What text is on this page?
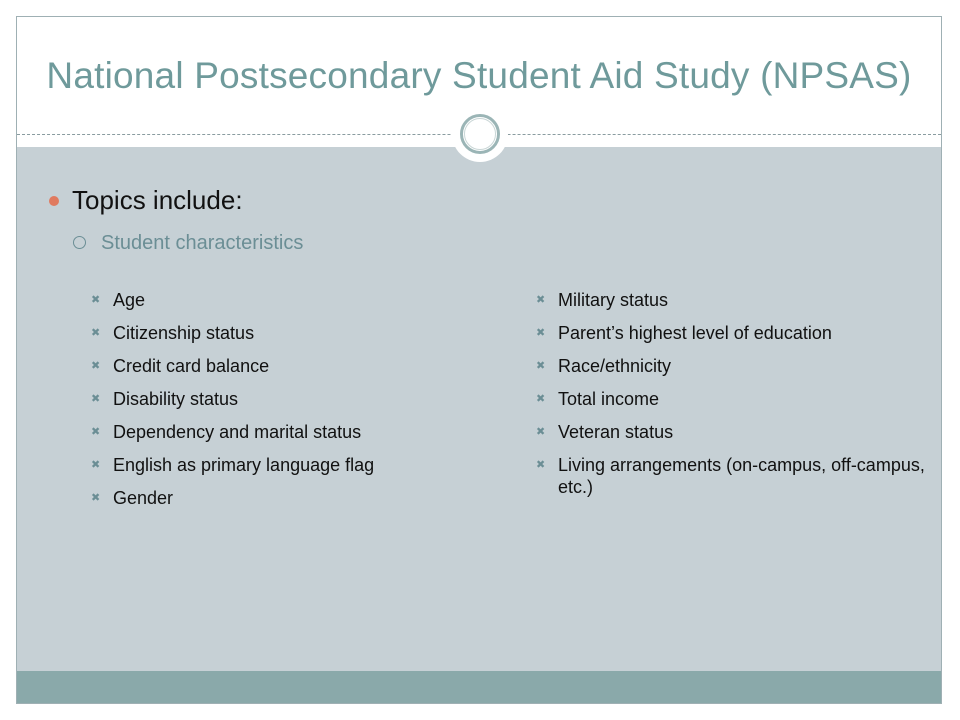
National Postsecondary Student Aid Study (NPSAS)
Topics include:
Student characteristics
✖ Age
✖ Citizenship status
✖ Credit card balance
✖ Disability status
✖ Dependency and marital status
✖ English as primary language flag
✖ Gender
✖ Military status
✖ Parent’s highest level of education
✖ Race/ethnicity
✖ Total income
✖ Veteran status
✖ Living arrangements (on-campus, off-campus, etc.)
